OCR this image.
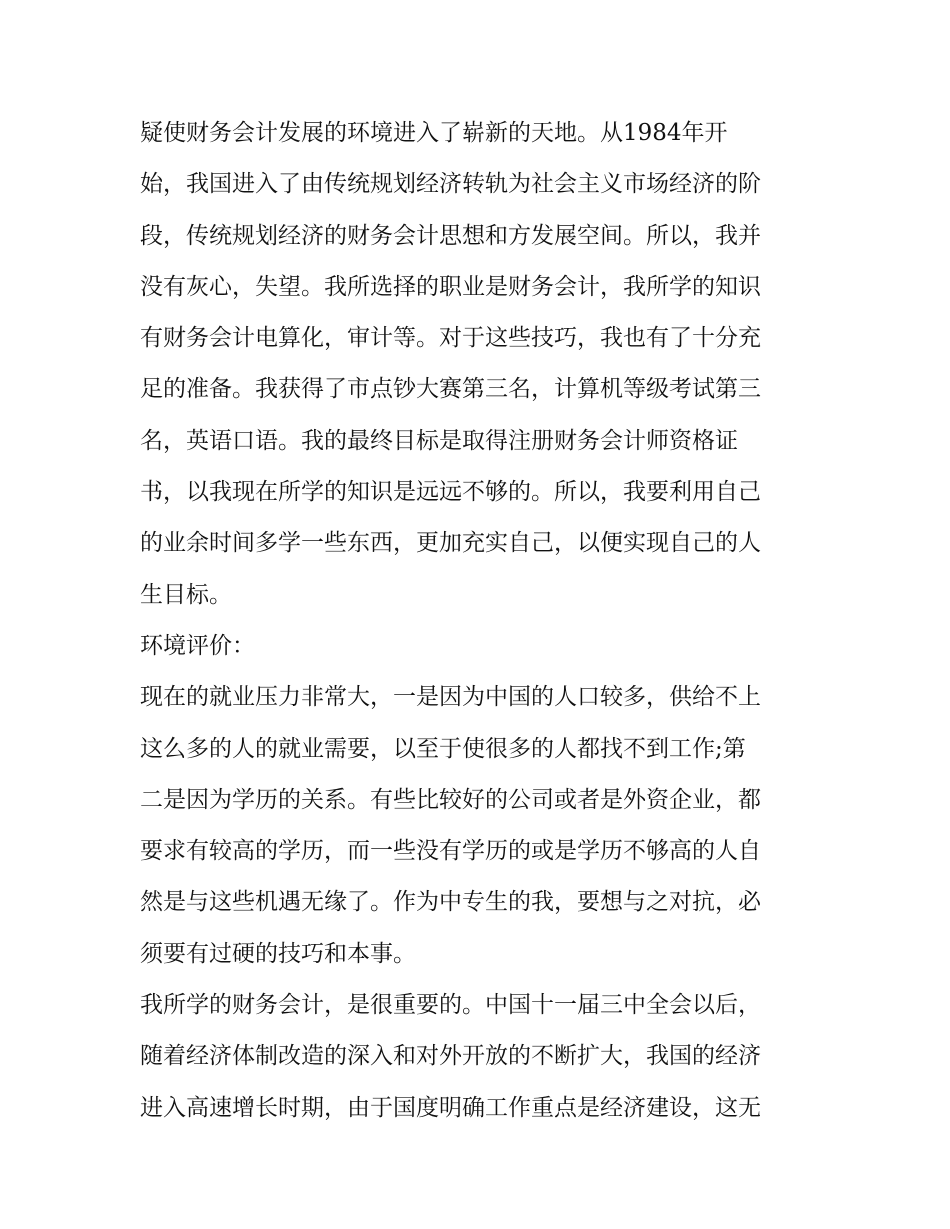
疑使财务会计发展的环境进入了崭新的天地。从1984年开
始，我国进入了由传统规划经济转轨为社会主义市场经济的阶
段，传统规划经济的财务会计思想和方发展空间。所以，我并
没有灰心，失望。我所选择的职业是财务会计，我所学的知识
有财务会计电算化，审计等。对于这些技巧，我也有了十分充
足的准备。我获得了市点钞大赛第三名，计算机等级考试第三
名，英语口语。我的最终目标是取得注册财务会计师资格证
书，以我现在所学的知识是远远不够的。所以，我要利用自己
的业余时间多学一些东西，更加充实自己，以便实现自己的人
生目标。
环境评价：
现在的就业压力非常大，一是因为中国的人口较多，供给不上
这么多的人的就业需要，以至于使很多的人都找不到工作;第
二是因为学历的关系。有些比较好的公司或者是外资企业，都
要求有较高的学历，而一些没有学历的或是学历不够高的人自
然是与这些机遇无缘了。作为中专生的我，要想与之对抗，必
须要有过硬的技巧和本事。
我所学的财务会计，是很重要的。中国十一届三中全会以后，
随着经济体制改造的深入和对外开放的不断扩大，我国的经济
进入高速增长时期，由于国度明确工作重点是经济建设，这无
